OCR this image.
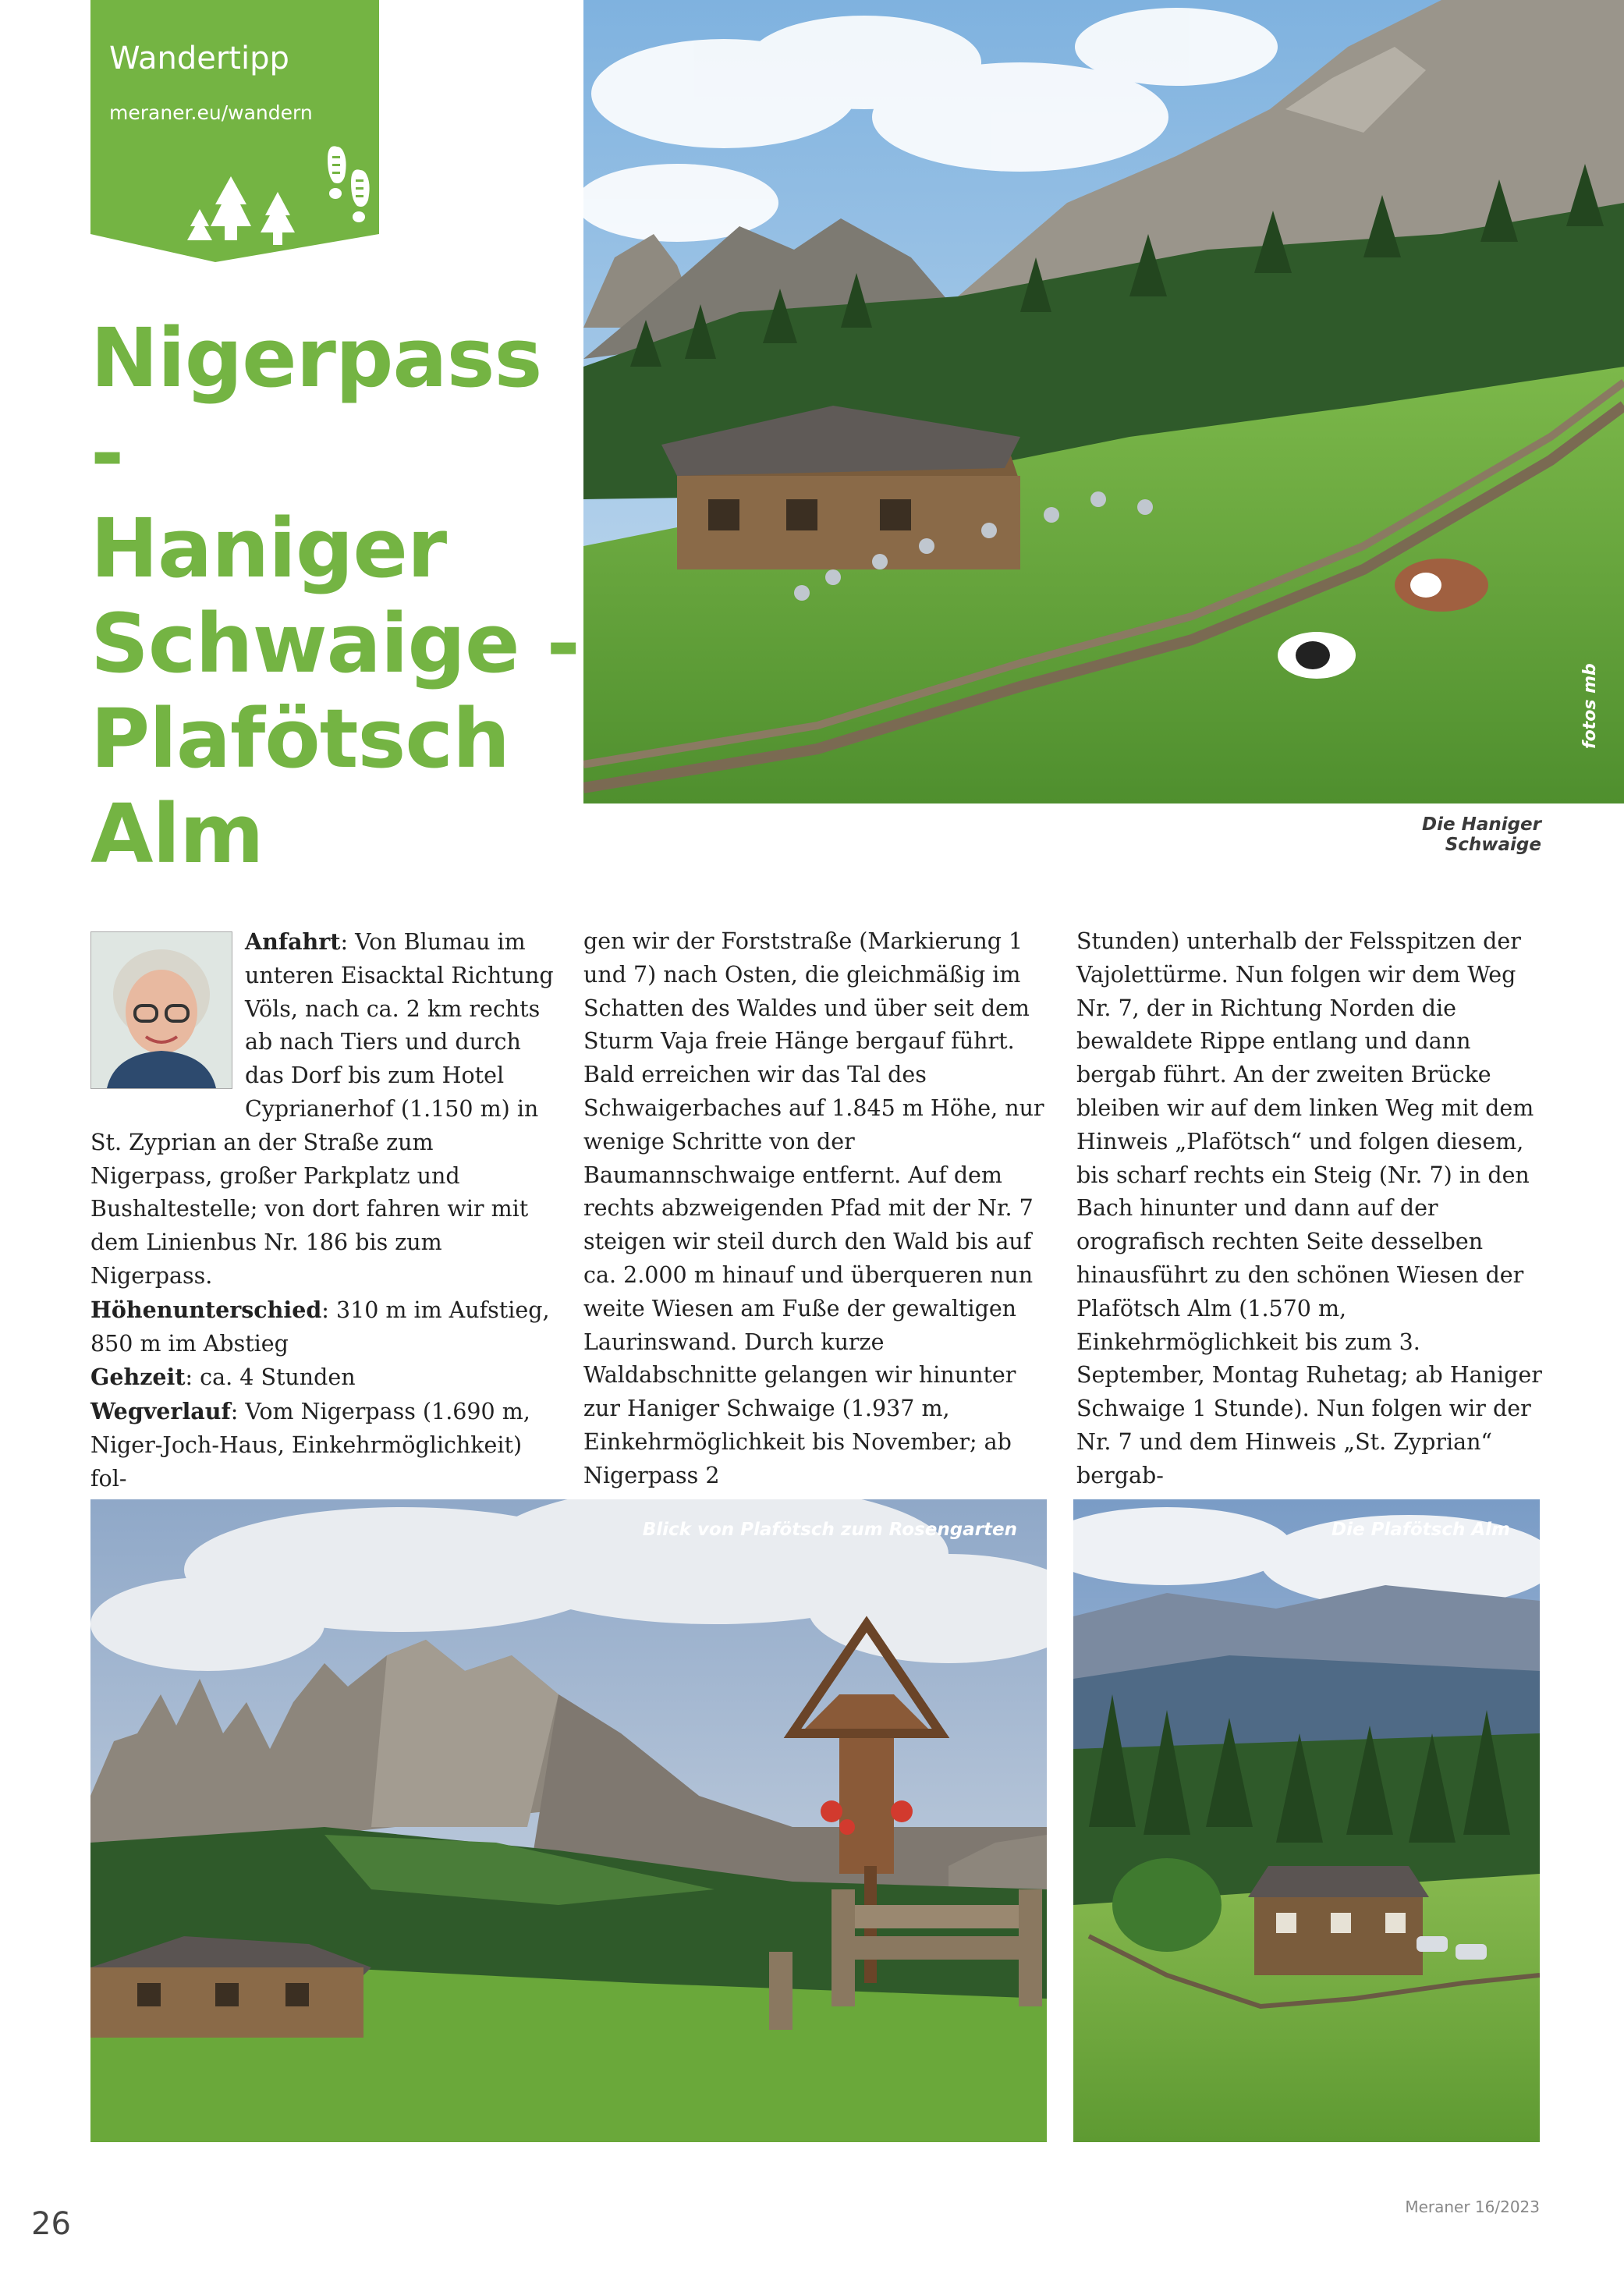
Wandertipp
meraner.eu/wandern
Nigerpass -
Haniger
Schwaige -
Plafötsch
Alm
fotos mb
Die Haniger Schwaige

Anfahrt: Von Blumau im unteren Eisacktal Richtung Völs, nach ca. 2 km rechts ab nach Tiers und durch das Dorf bis zum Hotel Cyprianerhof (1.150 m) in St. Zyprian an der Straße zum Nigerpass, großer Parkplatz und Bushaltestelle; von dort fahren wir mit dem Linienbus Nr. 186 bis zum Nigerpass.

Höhenunterschied: 310 m im Aufstieg, 850 m im Abstieg

Gehzeit: ca. 4 Stunden

Wegverlauf: Vom Nigerpass (1.690 m, Niger-Joch-Haus, Einkehrmöglichkeit) fol-

gen wir der Forststraße (Markierung 1 und 7) nach Osten, die gleichmäßig im Schatten des Waldes und über seit dem Sturm Vaja freie Hänge bergauf führt. Bald erreichen wir das Tal des Schwaigerbaches auf 1.845 m Höhe, nur wenige Schritte von der Baumannschwaige entfernt. Auf dem rechts abzweigenden Pfad mit der Nr. 7 steigen wir steil durch den Wald bis auf ca. 2.000 m hinauf und überqueren nun weite Wiesen am Fuße der gewaltigen Laurinswand. Durch kurze Waldabschnitte gelangen wir hinunter zur Haniger Schwaige (1.937 m, Einkehrmöglichkeit bis November; ab Nigerpass 2

Stunden) unterhalb der Felsspitzen der Vajolettürme. Nun folgen wir dem Weg Nr. 7, der in Richtung Norden die bewaldete Rippe entlang und dann bergab führt. An der zweiten Brücke bleiben wir auf dem linken Weg mit dem Hinweis „Plafötsch“ und folgen diesem, bis scharf rechts ein Steig (Nr. 7) in den Bach hinunter und dann auf der orografisch rechten Seite desselben hinausführt zu den schönen Wiesen der Plafötsch Alm (1.570 m, Einkehrmöglichkeit bis zum 3. September, Montag Ruhetag; ab Haniger Schwaige 1 Stunde). Nun folgen wir der Nr. 7 und dem Hinweis „St. Zyprian“ bergab-

Blick von Plafötsch zum Rosengarten	Die Plafötsch Alm
26	Meraner 16/2023
